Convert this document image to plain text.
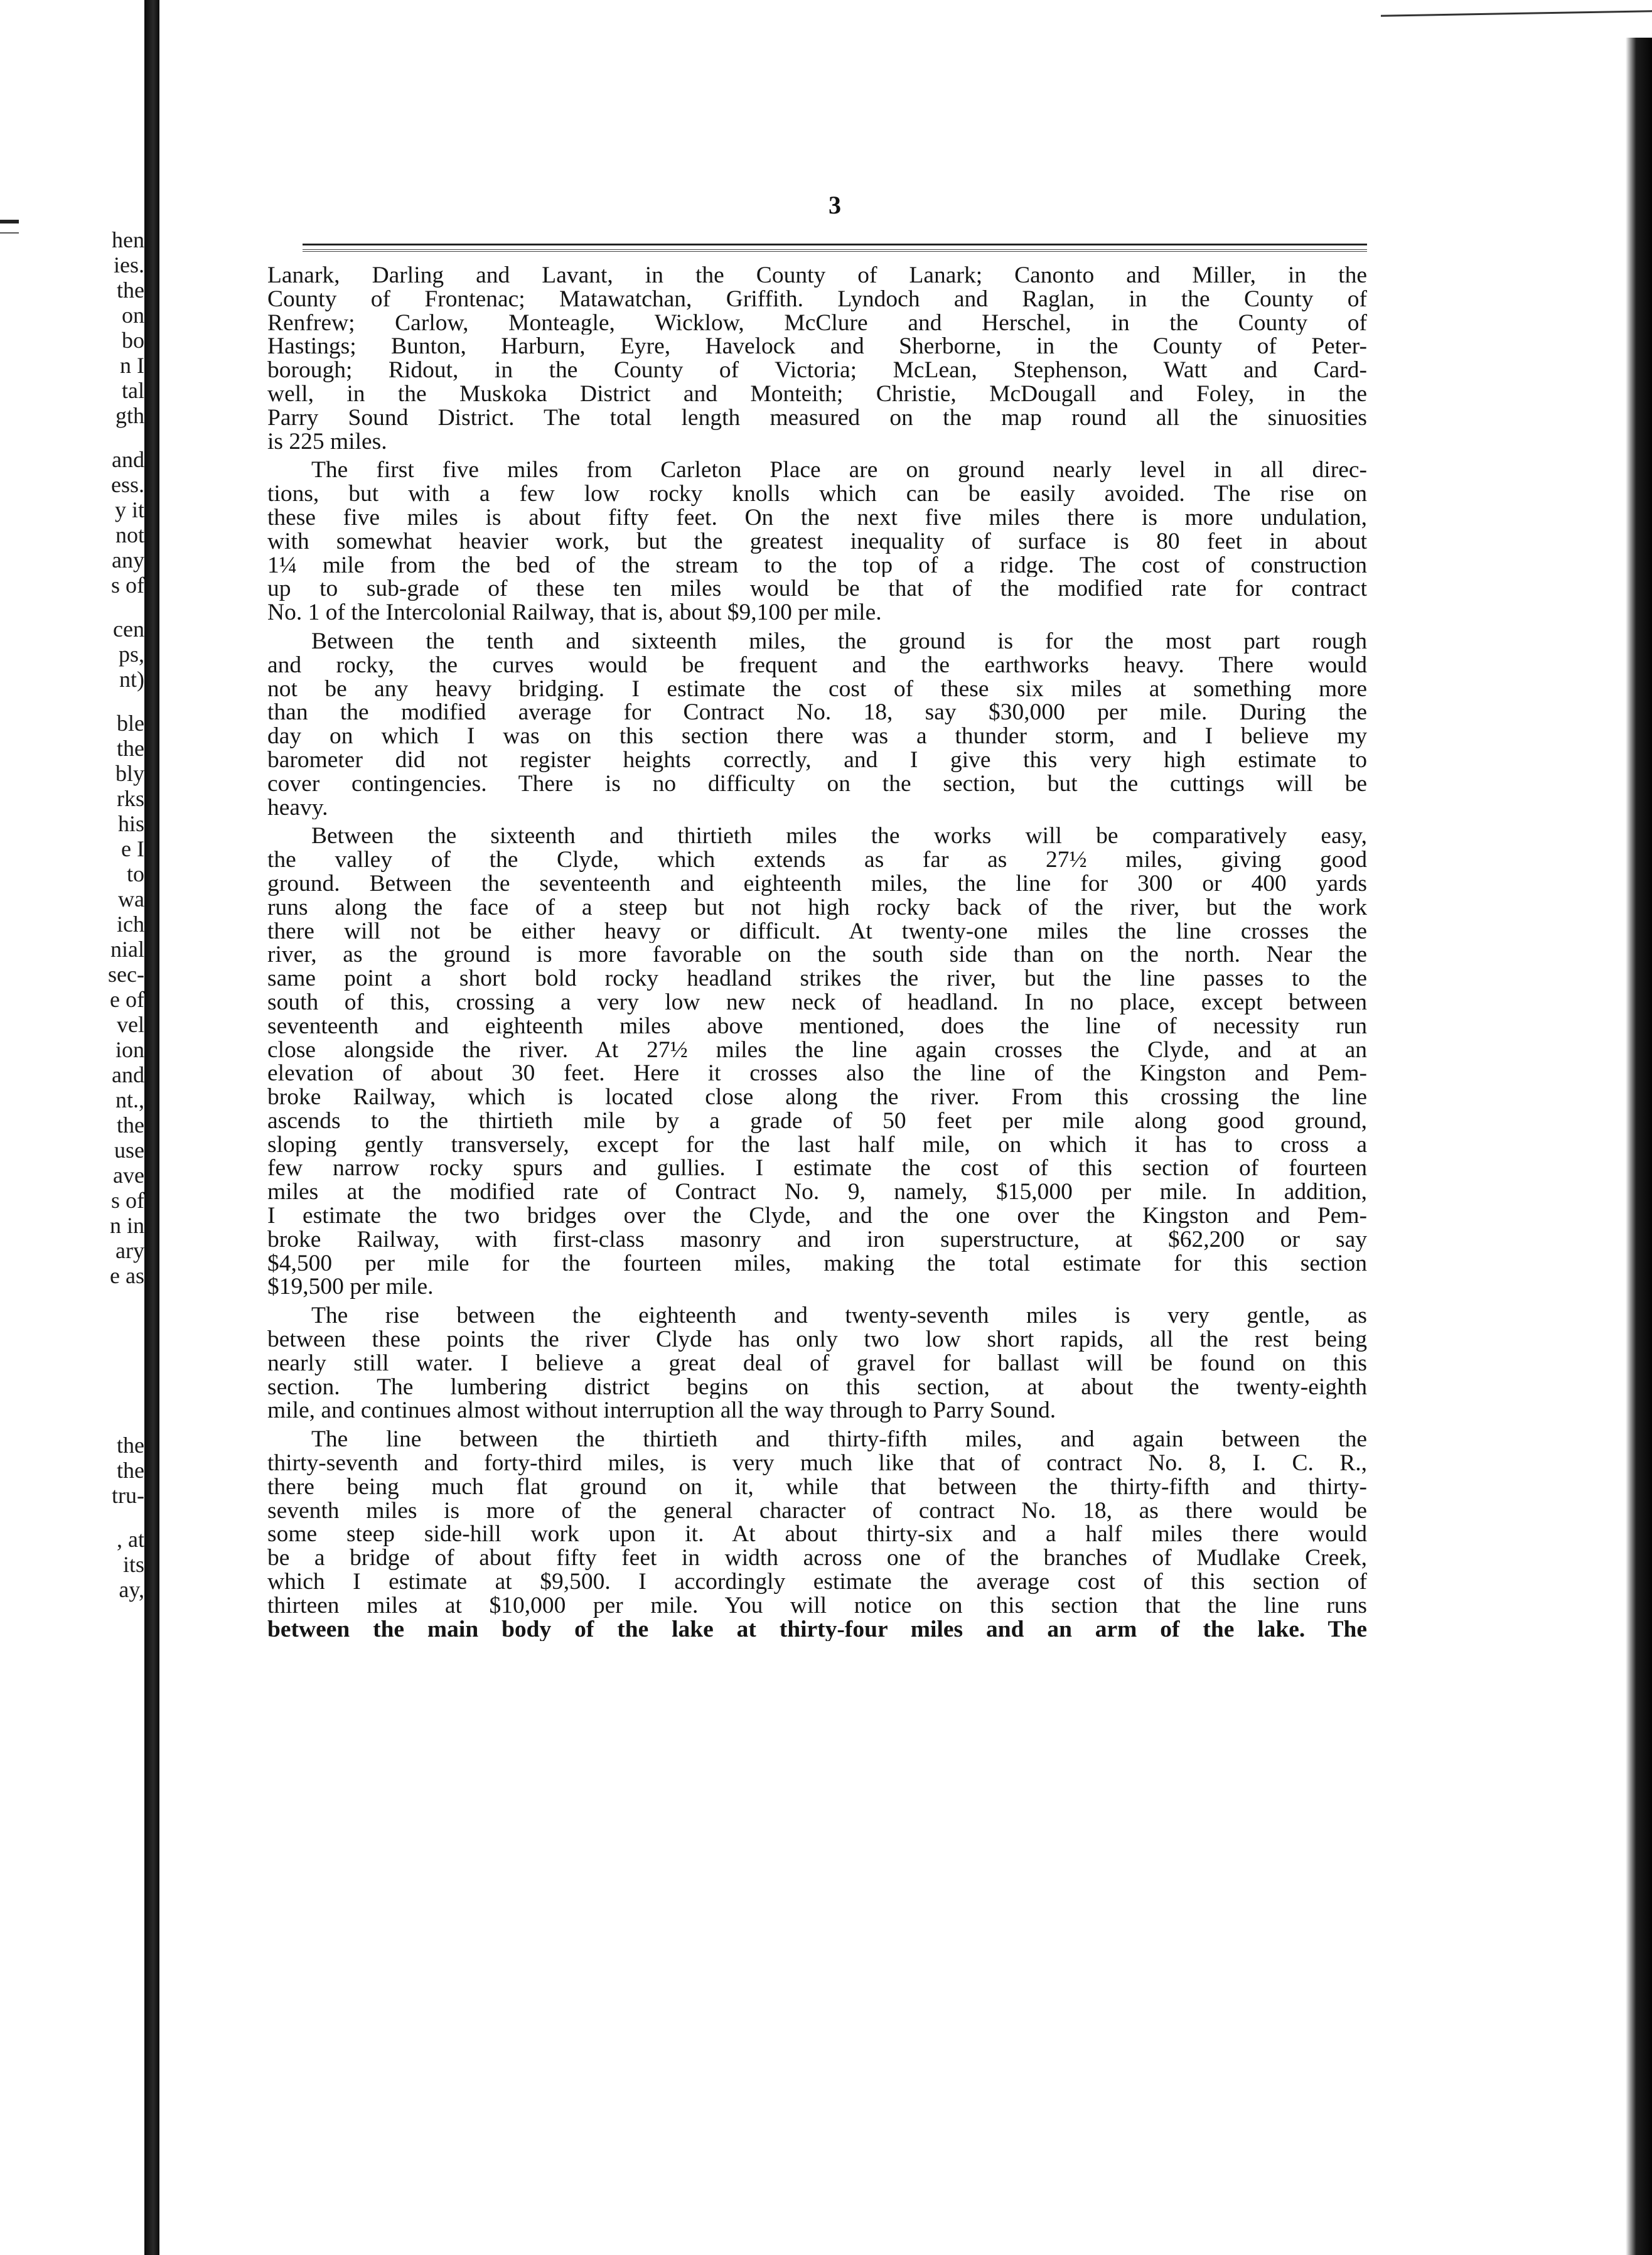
hen
ies.
the
on
bo
n I
tal
gth
and
ess.
y it
not
any
s of
cen
ps,
nt)
ble
the
bly
rks
his
e I
to
wa
ich
nial
sec-
e of
vel
ion
and
nt.,
the
use
ave
s of
n in
ary
e as
the
the
tru-
, at
its
ay,
3
Lanark, Darling and Lavant, in the County of Lanark; Canonto and Miller, in the
County of Frontenac; Matawatchan, Griffith. Lyndoch and Raglan, in the County of
Renfrew; Carlow, Monteagle, Wicklow, McClure and Herschel, in the County of
Hastings; Bunton, Harburn, Eyre, Havelock and Sherborne, in the County of Peter-
borough; Ridout, in the County of Victoria; McLean, Stephenson, Watt and Card-
well, in the Muskoka District and Monteith; Christie, McDougall and Foley, in the
Parry Sound District. The total length measured on the map round all the sinuosities
is 225 miles.
The first five miles from Carleton Place are on ground nearly level in all direc-
tions, but with a few low rocky knolls which can be easily avoided. The rise on
these five miles is about fifty feet. On the next five miles there is more undulation,
with somewhat heavier work, but the greatest inequality of surface is 80 feet in about
1¼ mile from the bed of the stream to the top of a ridge. The cost of construction
up to sub-grade of these ten miles would be that of the modified rate for contract
No. 1 of the Intercolonial Railway, that is, about $9,100 per mile.
Between the tenth and sixteenth miles, the ground is for the most part rough
and rocky, the curves would be frequent and the earthworks heavy. There would
not be any heavy bridging. I estimate the cost of these six miles at something more
than the modified average for Contract No. 18, say $30,000 per mile. During the
day on which I was on this section there was a thunder storm, and I believe my
barometer did not register heights correctly, and I give this very high estimate to
cover contingencies. There is no difficulty on the section, but the cuttings will be
heavy.
Between the sixteenth and thirtieth miles the works will be comparatively easy,
the valley of the Clyde, which extends as far as 27½ miles, giving good
ground. Between the seventeenth and eighteenth miles, the line for 300 or 400 yards
runs along the face of a steep but not high rocky back of the river, but the work
there will not be either heavy or difficult. At twenty-one miles the line crosses the
river, as the ground is more favorable on the south side than on the north. Near the
same point a short bold rocky headland strikes the river, but the line passes to the
south of this, crossing a very low new neck of headland. In no place, except between
seventeenth and eighteenth miles above mentioned, does the line of necessity run
close alongside the river. At 27½ miles the line again crosses the Clyde, and at an
elevation of about 30 feet. Here it crosses also the line of the Kingston and Pem-
broke Railway, which is located close along the river. From this crossing the line
ascends to the thirtieth mile by a grade of 50 feet per mile along good ground,
sloping gently transversely, except for the last half mile, on which it has to cross a
few narrow rocky spurs and gullies. I estimate the cost of this section of fourteen
miles at the modified rate of Contract No. 9, namely, $15,000 per mile. In addition,
I estimate the two bridges over the Clyde, and the one over the Kingston and Pem-
broke Railway, with first-class masonry and iron superstructure, at $62,200 or say
$4,500 per mile for the fourteen miles, making the total estimate for this section
$19,500 per mile.
The rise between the eighteenth and twenty-seventh miles is very gentle, as
between these points the river Clyde has only two low short rapids, all the rest being
nearly still water. I believe a great deal of gravel for ballast will be found on this
section. The lumbering district begins on this section, at about the twenty-eighth
mile, and continues almost without interruption all the way through to Parry Sound.
The line between the thirtieth and thirty-fifth miles, and again between the
thirty-seventh and forty-third miles, is very much like that of contract No. 8, I. C. R.,
there being much flat ground on it, while that between the thirty-fifth and thirty-
seventh miles is more of the general character of contract No. 18, as there would be
some steep side-hill work upon it. At about thirty-six and a half miles there would
be a bridge of about fifty feet in width across one of the branches of Mudlake Creek,
which I estimate at $9,500. I accordingly estimate the average cost of this section of
thirteen miles at $10,000 per mile. You will notice on this section that the line runs
between the main body of the lake at thirty-four miles and an arm of the lake. The
